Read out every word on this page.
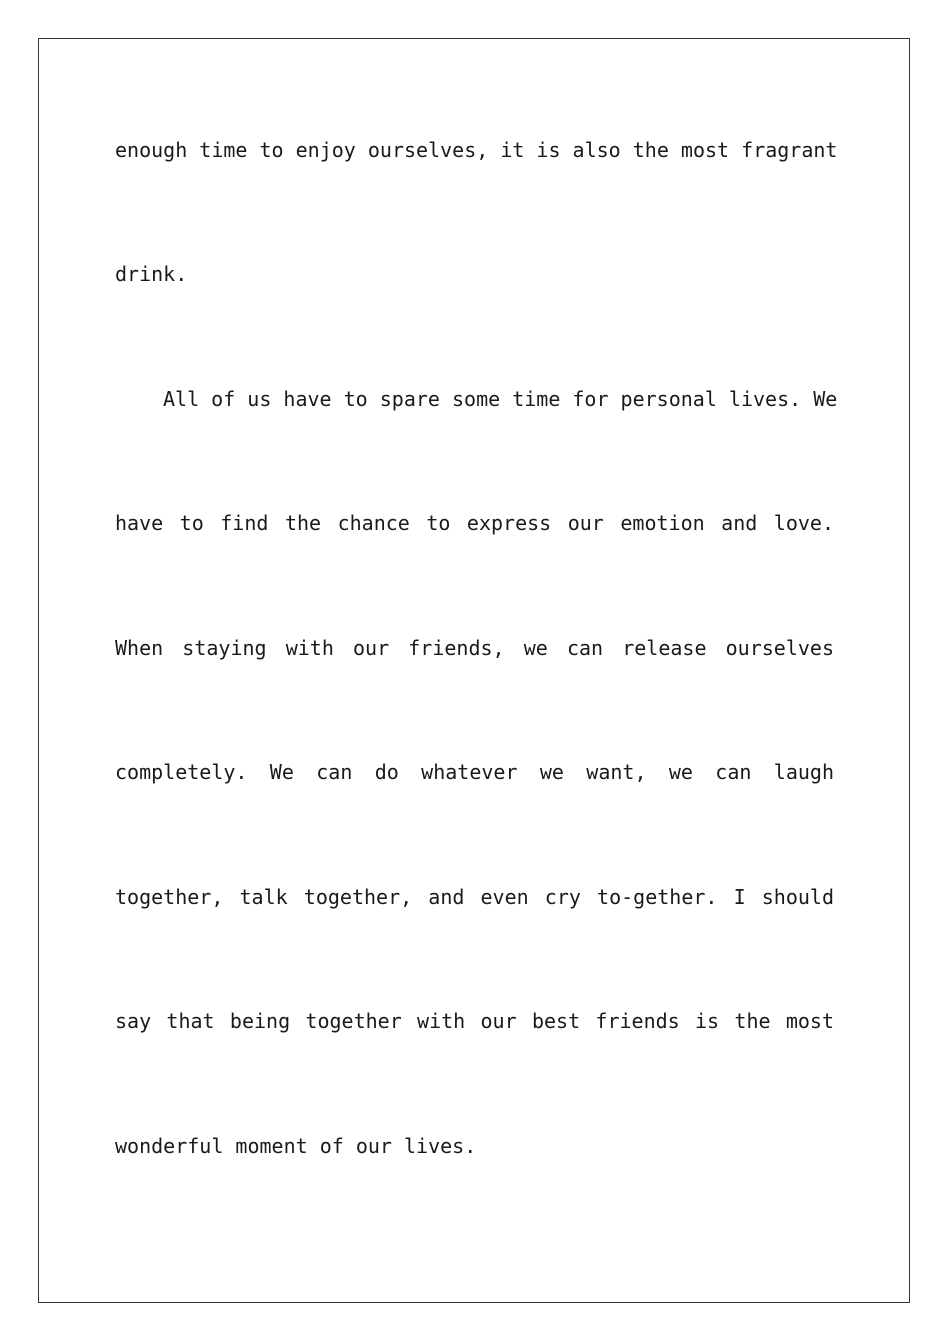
enough time to enjoy ourselves, it is also the most fragrant
drink.
All of us have to spare some time for personal lives. We
have to find the chance to express our emotion and love.
When staying with our friends, we can release ourselves
completely. We can do whatever we want, we can laugh
together, talk together, and even cry to-gether. I should
say that being together with our best friends is the most
wonderful moment of our lives.
